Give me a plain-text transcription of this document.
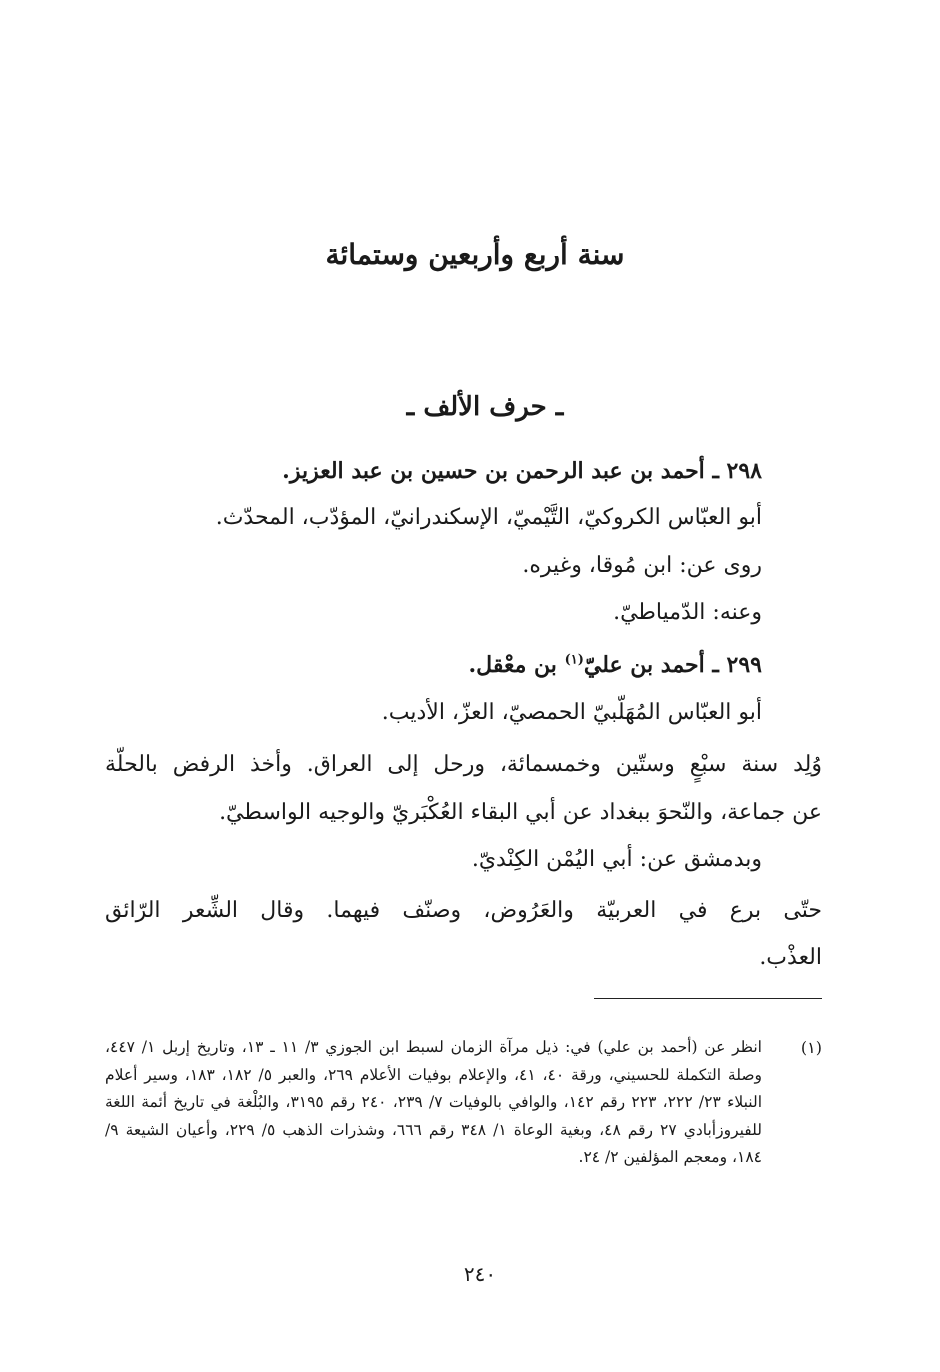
سنة أربع وأربعين وستمائة
ـ حرف الألف ـ
٢٩٨ ـ أحمد بن عبد الرحمن بن حسين بن عبد العزيز.
أبو العبّاس الكروكيّ، التَّيْميّ، الإسكندرانيّ، المؤدّب، المحدّث.
روى عن: ابن مُوقا، وغيره.
وعنه: الدّمياطيّ.
٢٩٩ ـ أحمد بن عليّ$^{(١)}$ بن معْقل.
أبو العبّاس المُهَلّبيّ الحمصيّ، العزّ، الأديب.
وُلِد سنة سبْعٍ وستّين وخمسمائة، ورحل إلى العراق. وأخذ الرفض بالحلّة
عن جماعة، والنّحوَ ببغداد عن أبي البقاء العُكْبَريّ والوجيه الواسطيّ.
وبدمشق عن: أبي اليُمْن الكِنْديّ.
حتّى برع في العربيّة والعَرُوض، وصنّف فيهما. وقال الشِّعر الرّائق
العذْب.
(١)
انظر عن (أحمد بن علي) في: ذيل مرآة الزمان لسبط ابن الجوزي ٣/ ١١ ـ ١٣، وتاريخ إربل ١/ ٤٤٧، وصلة التكملة للحسيني، ورقة ٤٠، ٤١، والإعلام بوفيات الأعلام ٢٦٩، والعبر ٥/ ١٨٢، ١٨٣، وسير أعلام النبلاء ٢٣/ ٢٢٢، ٢٢٣ رقم ١٤٢، والوافي بالوفيات ٧/ ٢٣٩، ٢٤٠ رقم ٣١٩٥، والبُلْغة في تاريخ أئمة اللغة للفيروزأبادي ٢٧ رقم ٤٨، وبغية الوعاة ١/ ٣٤٨ رقم ٦٦٦، وشذرات الذهب ٥/ ٢٢٩، وأعيان الشيعة ٩/ ١٨٤، ومعجم المؤلفين ٢/ ٢٤.
٢٤٠
